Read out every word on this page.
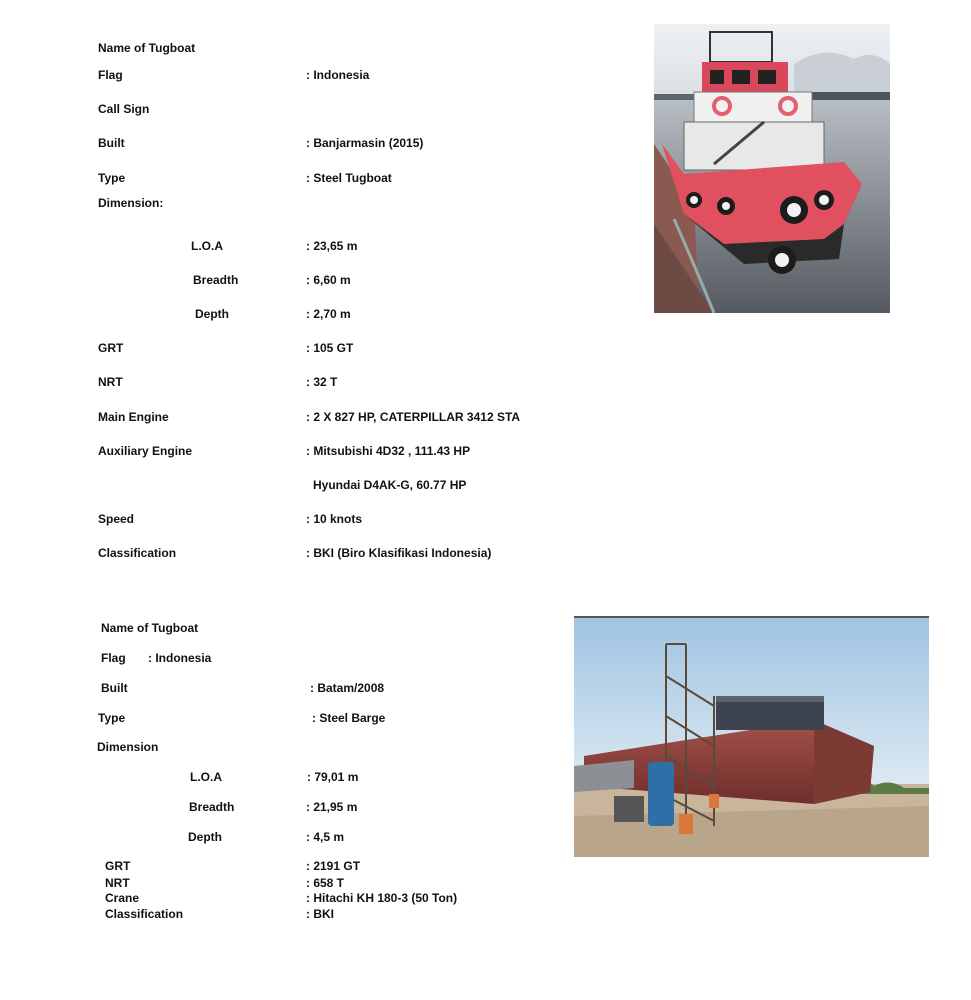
Name of Tugboat
Flag	: Indonesia
Call Sign
Built	: Banjarmasin (2015)
Type	: Steel Tugboat
Dimension:
L.O.A	: 23,65 m
Breadth	: 6,60 m
Depth	: 2,70 m
GRT	: 105 GT
NRT	: 32 T
Main Engine	: 2 X 827 HP, CATERPILLAR 3412 STA
Auxiliary Engine	: Mitsubishi 4D32 , 111.43 HP
Hyundai D4AK-G, 60.77 HP
Speed	: 10 knots
Classification	: BKI (Biro Klasifikasi Indonesia)
Name of Tugboat
Flag : Indonesia
Built	: Batam/2008
Type	: Steel Barge
Dimension
L.O.A	: 79,01 m
Breadth	: 21,95 m
Depth	: 4,5 m
GRT	: 2191 GT
NRT	: 658 T
Crane	: Hitachi KH 180-3 (50 Ton)
Classification	: BKI
